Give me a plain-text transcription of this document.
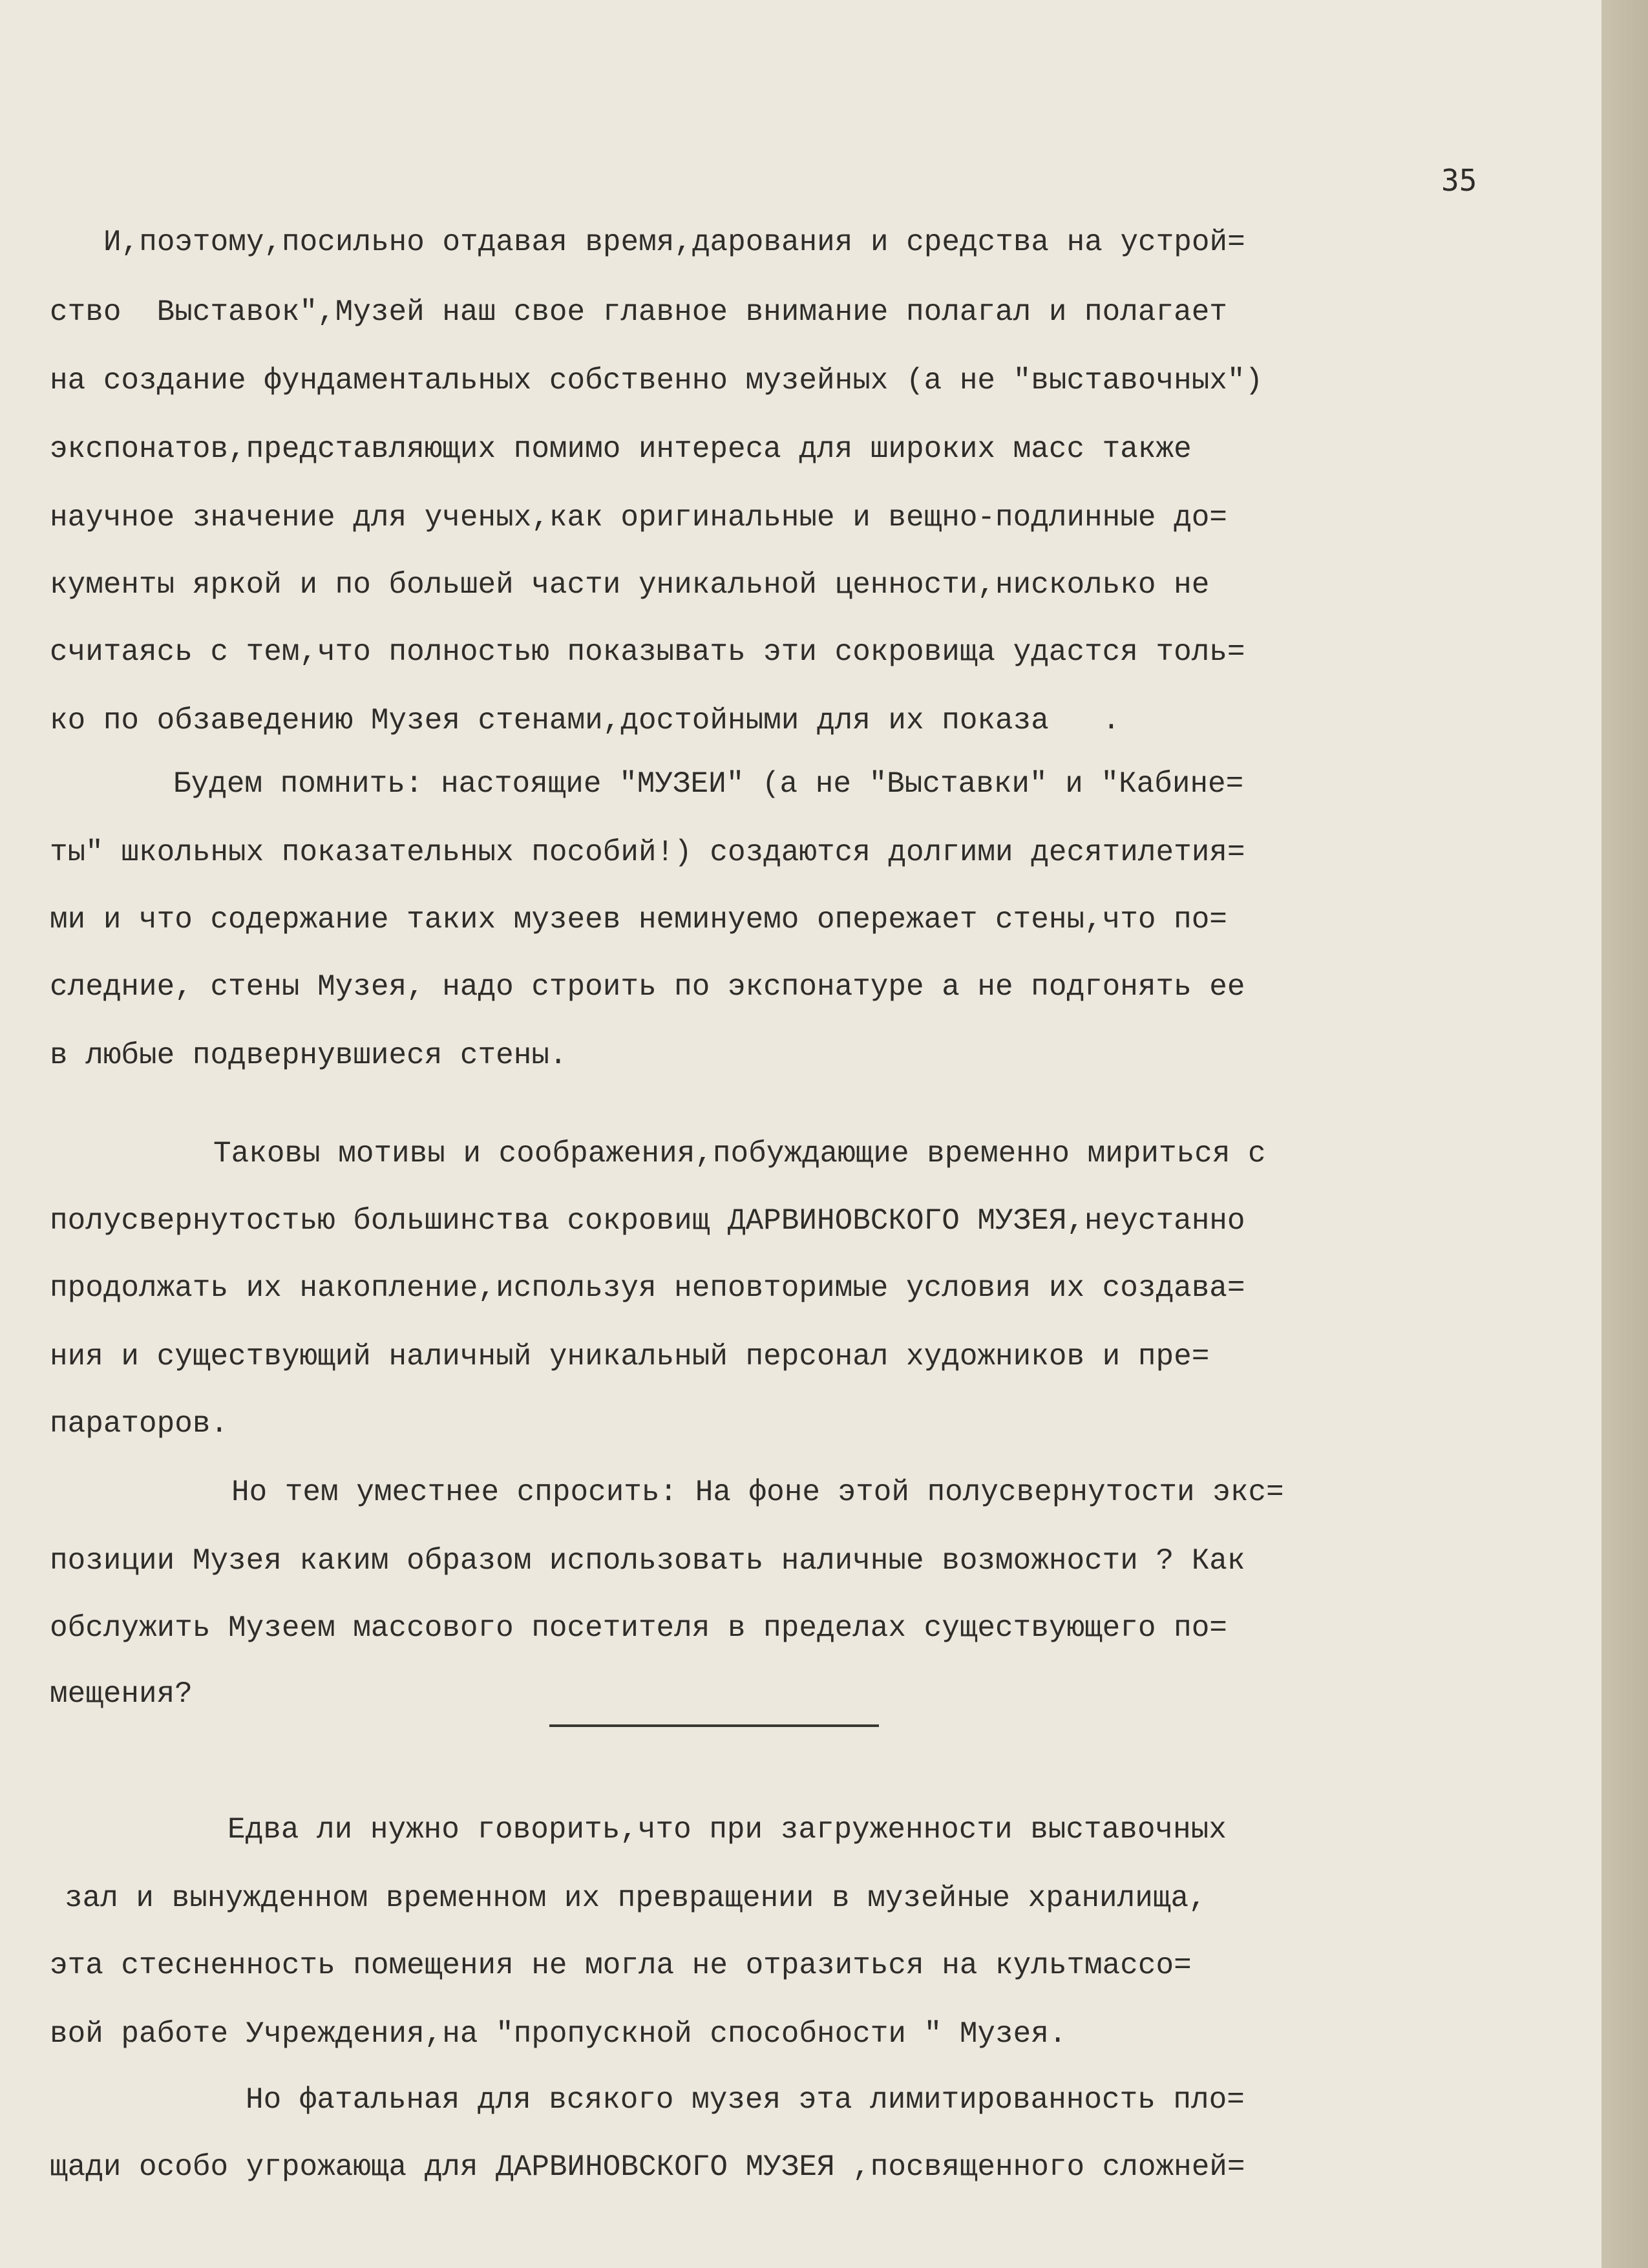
35
И,поэтому,посильно отдавая время,дарования и средства на устрой=
ство  Выставок",Музей наш свое главное внимание полагал и полагает
на создание фундаментальных собственно музейных (а не "выставочных")
экспонатов,представляющих помимо интереса для широких масс также
научное значение для ученых,как оригинальные и вещно-подлинные до=
кументы яркой и по большей части уникальной ценности,нисколько не
считаясь с тем,что полностью показывать эти сокровища удастся толь=
ко по обзаведению Музея стенами,достойными для их показа   .
Будем помнить: настоящие "МУЗЕИ" (а не "Выставки" и "Кабине=
ты" школьных показательных пособий!) создаются долгими десятилетия=
ми и что содержание таких музеев неминуемо опережает стены,что по=
следние, стены Музея, надо строить по экспонатуре а не подгонять ее
в любые подвернувшиеся стены.
Таковы мотивы и соображения,побуждающие временно мириться с
полусвернутостью большинства сокровищ ДАРВИНОВСКОГО МУЗЕЯ,неустанно
продолжать их накопление,используя неповторимые условия их создава=
ния и существующий наличный уникальный персонал художников и пре=
параторов.
Но тем уместнее спросить: На фоне этой полусвернутости экс=
позиции Музея каким образом использовать наличные возможности ? Как
обслужить Музеем массового посетителя в пределах существующего по=
мещения?
Едва ли нужно говорить,что при загруженности выставочных
зал и вынужденном временном их превращении в музейные хранилища,
эта стесненность помещения не могла не отразиться на культмассо=
вой работе Учреждения,на "пропускной способности " Музея.
Но фатальная для всякого музея эта лимитированность пло=
щади особо угрожающа для ДАРВИНОВСКОГО МУЗЕЯ ,посвященного сложней=
